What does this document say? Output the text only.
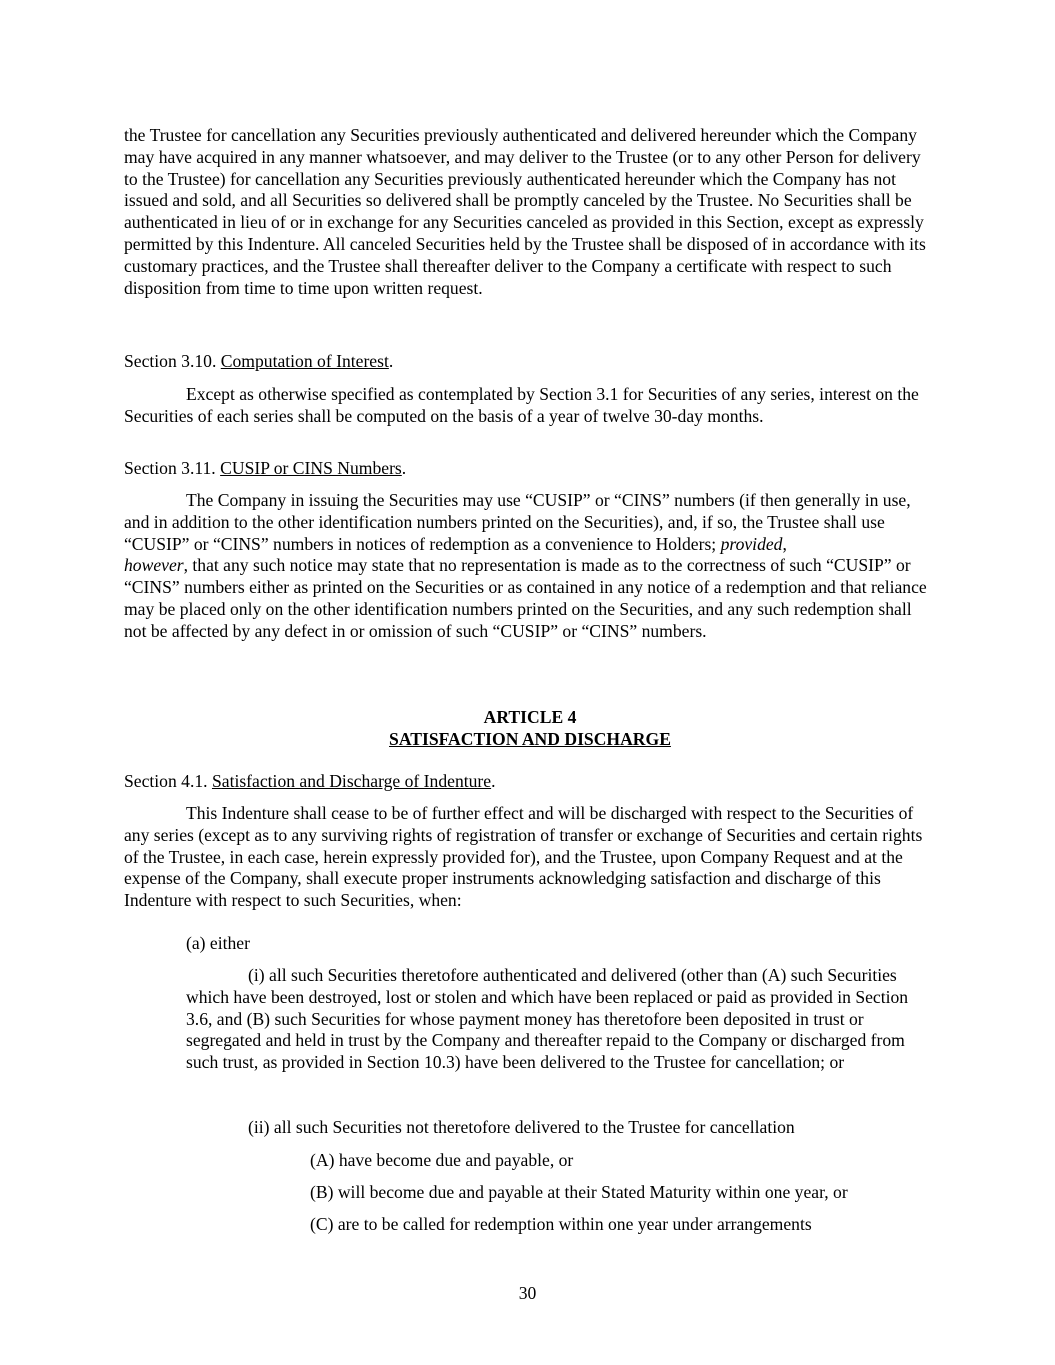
the Trustee for cancellation any Securities previously authenticated and delivered hereunder which the Company may have acquired in any manner whatsoever, and may deliver to the Trustee (or to any other Person for delivery to the Trustee) for cancellation any Securities previously authenticated hereunder which the Company has not issued and sold, and all Securities so delivered shall be promptly canceled by the Trustee. No Securities shall be authenticated in lieu of or in exchange for any Securities canceled as provided in this Section, except as expressly permitted by this Indenture. All canceled Securities held by the Trustee shall be disposed of in accordance with its customary practices, and the Trustee shall thereafter deliver to the Company a certificate with respect to such disposition from time to time upon written request.

Section 3.10. Computation of Interest.

Except as otherwise specified as contemplated by Section 3.1 for Securities of any series, interest on the Securities of each series shall be computed on the basis of a year of twelve 30-day months.

Section 3.11. CUSIP or CINS Numbers.

The Company in issuing the Securities may use “CUSIP” or “CINS” numbers (if then generally in use, and in addition to the other identification numbers printed on the Securities), and, if so, the Trustee shall use “CUSIP” or “CINS” numbers in notices of redemption as a convenience to Holders; provided,
however, that any such notice may state that no representation is made as to the correctness of such “CUSIP” or “CINS” numbers either as printed on the Securities or as contained in any notice of a redemption and that reliance may be placed only on the other identification numbers printed on the Securities, and any such redemption shall not be affected by any defect in or omission of such “CUSIP” or “CINS” numbers.

ARTICLE 4

SATISFACTION AND DISCHARGE

Section 4.1. Satisfaction and Discharge of Indenture.

This Indenture shall cease to be of further effect and will be discharged with respect to the Securities of any series (except as to any surviving rights of registration of transfer or exchange of Securities and certain rights of the Trustee, in each case, herein expressly provided for), and the Trustee, upon Company Request and at the expense of the Company, shall execute proper instruments acknowledging satisfaction and discharge of this Indenture with respect to such Securities, when:

(a) either

(i) all such Securities theretofore authenticated and delivered (other than (A) such Securities which have been destroyed, lost or stolen and which have been replaced or paid as provided in Section 3.6, and (B) such Securities for whose payment money has theretofore been deposited in trust or segregated and held in trust by the Company and thereafter repaid to the Company or discharged from such trust, as provided in Section 10.3) have been delivered to the Trustee for cancellation; or

(ii) all such Securities not theretofore delivered to the Trustee for cancellation

(A) have become due and payable, or

(B) will become due and payable at their Stated Maturity within one year, or

(C) are to be called for redemption within one year under arrangements

30
